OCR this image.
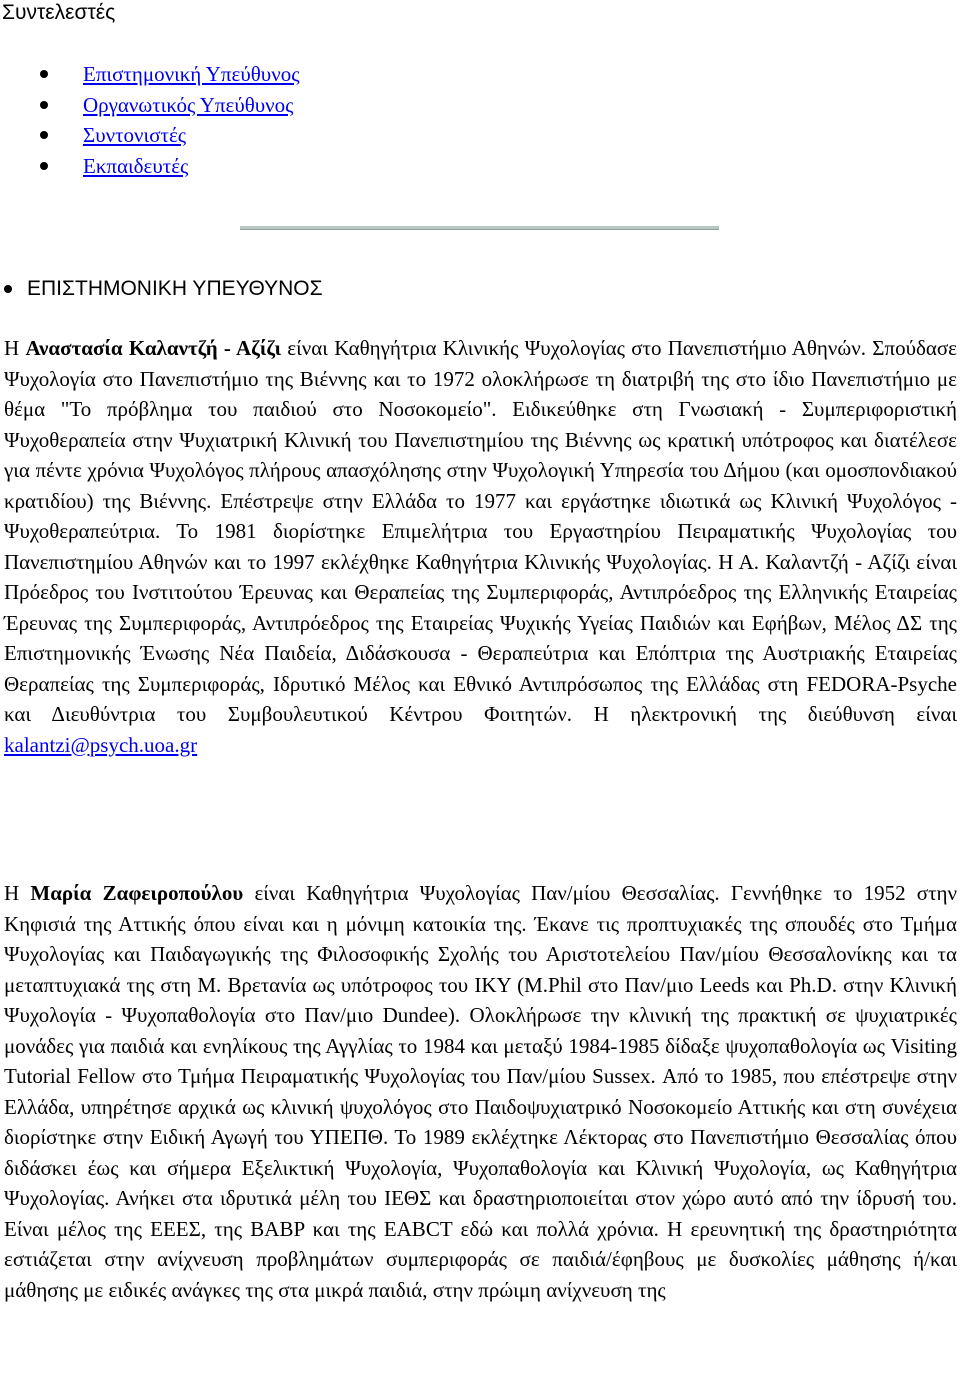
Συντελεστές
Επιστημονική Υπεύθυνος
Οργανωτικός Υπεύθυνος
Συντονιστές
Εκπαιδευτές
ΕΠΙΣΤΗΜΟΝΙΚΗ ΥΠΕΥΘΥΝΟΣ

Η Αναστασία Καλαντζή - Αζίζι είναι Καθηγήτρια Κλινικής Ψυχολογίας στο Πανεπιστήμιο Αθηνών. Σπούδασε Ψυχολογία στο Πανεπιστήμιο της Βιέννης και το 1972 ολοκλήρωσε τη διατριβή της στο ίδιο Πανεπιστήμιο με θέμα "Το πρόβλημα του παιδιού στο Νοσοκομείο". Ειδικεύθηκε στη Γνωσιακή - Συμπεριφοριστική Ψυχοθεραπεία στην Ψυχιατρική Κλινική του Πανεπιστημίου της Βιέννης ως κρατική υπότροφος και διατέλεσε για πέντε χρόνια Ψυχολόγος πλήρους απασχόλησης στην Ψυχολογική Υπηρεσία του Δήμου (και ομοσπονδιακού κρατιδίου) της Βιέννης. Επέστρεψε στην Ελλάδα το 1977 και εργάστηκε ιδιωτικά ως Κλινική Ψυχολόγος - Ψυχοθεραπεύτρια. Το 1981 διορίστηκε Επιμελήτρια του Εργαστηρίου Πειραματικής Ψυχολογίας του Πανεπιστημίου Αθηνών και το 1997 εκλέχθηκε Καθηγήτρια Κλινικής Ψυχολογίας. Η Α. Καλαντζή - Αζίζι είναι Πρόεδρος του Ινστιτούτου Έρευνας και Θεραπείας της Συμπεριφοράς, Αντιπρόεδρος της Ελληνικής Εταιρείας Έρευνας της Συμπεριφοράς, Αντιπρόεδρος της Εταιρείας Ψυχικής Υγείας Παιδιών και Εφήβων, Μέλος ΔΣ της Επιστημονικής Ένωσης Νέα Παιδεία, Διδάσκουσα - Θεραπεύτρια και Επόπτρια της Αυστριακής Εταιρείας Θεραπείας της Συμπεριφοράς, Ιδρυτικό Μέλος και Εθνικό Αντιπρόσωπος της Ελλάδας στη FEDORA-Psyche και Διευθύντρια του Συμβουλευτικού Κέντρου Φοιτητών. Η ηλεκτρονική της διεύθυνση είναι kalantzi@psych.uoa.gr

Η Μαρία Ζαφειροπούλου είναι Καθηγήτρια Ψυχολογίας Παν/μίου Θεσσαλίας. Γεννήθηκε το 1952 στην Κηφισιά της Αττικής όπου είναι και η μόνιμη κατοικία της. Έκανε τις προπτυχιακές της σπουδές στο Τμήμα Ψυχολογίας και Παιδαγωγικής της Φιλοσοφικής Σχολής του Αριστοτελείου Παν/μίου Θεσσαλονίκης και τα μεταπτυχιακά της στη Μ. Βρετανία ως υπότροφος του ΙΚΥ (M.Phil στο Παν/μιο Leeds και Ph.D. στην Κλινική Ψυχολογία - Ψυχοπαθολογία στο Παν/μιο Dundee). Ολοκλήρωσε την κλινική της πρακτική σε ψυχιατρικές μονάδες για παιδιά και ενηλίκους της Αγγλίας το 1984 και μεταξύ 1984-1985 δίδαξε ψυχοπαθολογία ως Visiting Tutorial Fellow στο Τμήμα Πειραματικής Ψυχολογίας του Παν/μίου Sussex. Από το 1985, που επέστρεψε στην Ελλάδα, υπηρέτησε αρχικά ως κλινική ψυχολόγος στο Παιδοψυχιατρικό Νοσοκομείο Αττικής και στη συνέχεια διορίστηκε στην Ειδική Αγωγή του ΥΠΕΠΘ. Το 1989 εκλέχτηκε Λέκτορας στο Πανεπιστήμιο Θεσσαλίας όπου διδάσκει έως και σήμερα Εξελικτική Ψυχολογία, Ψυχοπαθολογία και Κλινική Ψυχολογία, ως Καθηγήτρια Ψυχολογίας. Ανήκει στα ιδρυτικά μέλη του ΙΕΘΣ και δραστηριοποιείται στον χώρο αυτό από την ίδρυσή του. Είναι μέλος της ΕΕΕΣ, της BABP και της EABCT εδώ και πολλά χρόνια. Η ερευνητική της δραστηριότητα εστιάζεται στην ανίχνευση προβλημάτων συμπεριφοράς σε παιδιά/έφηβους με δυσκολίες μάθησης ή/και μάθησης με ειδικές ανάγκες της στα μικρά παιδιά, στην πρώιμη ανίχνευση της
